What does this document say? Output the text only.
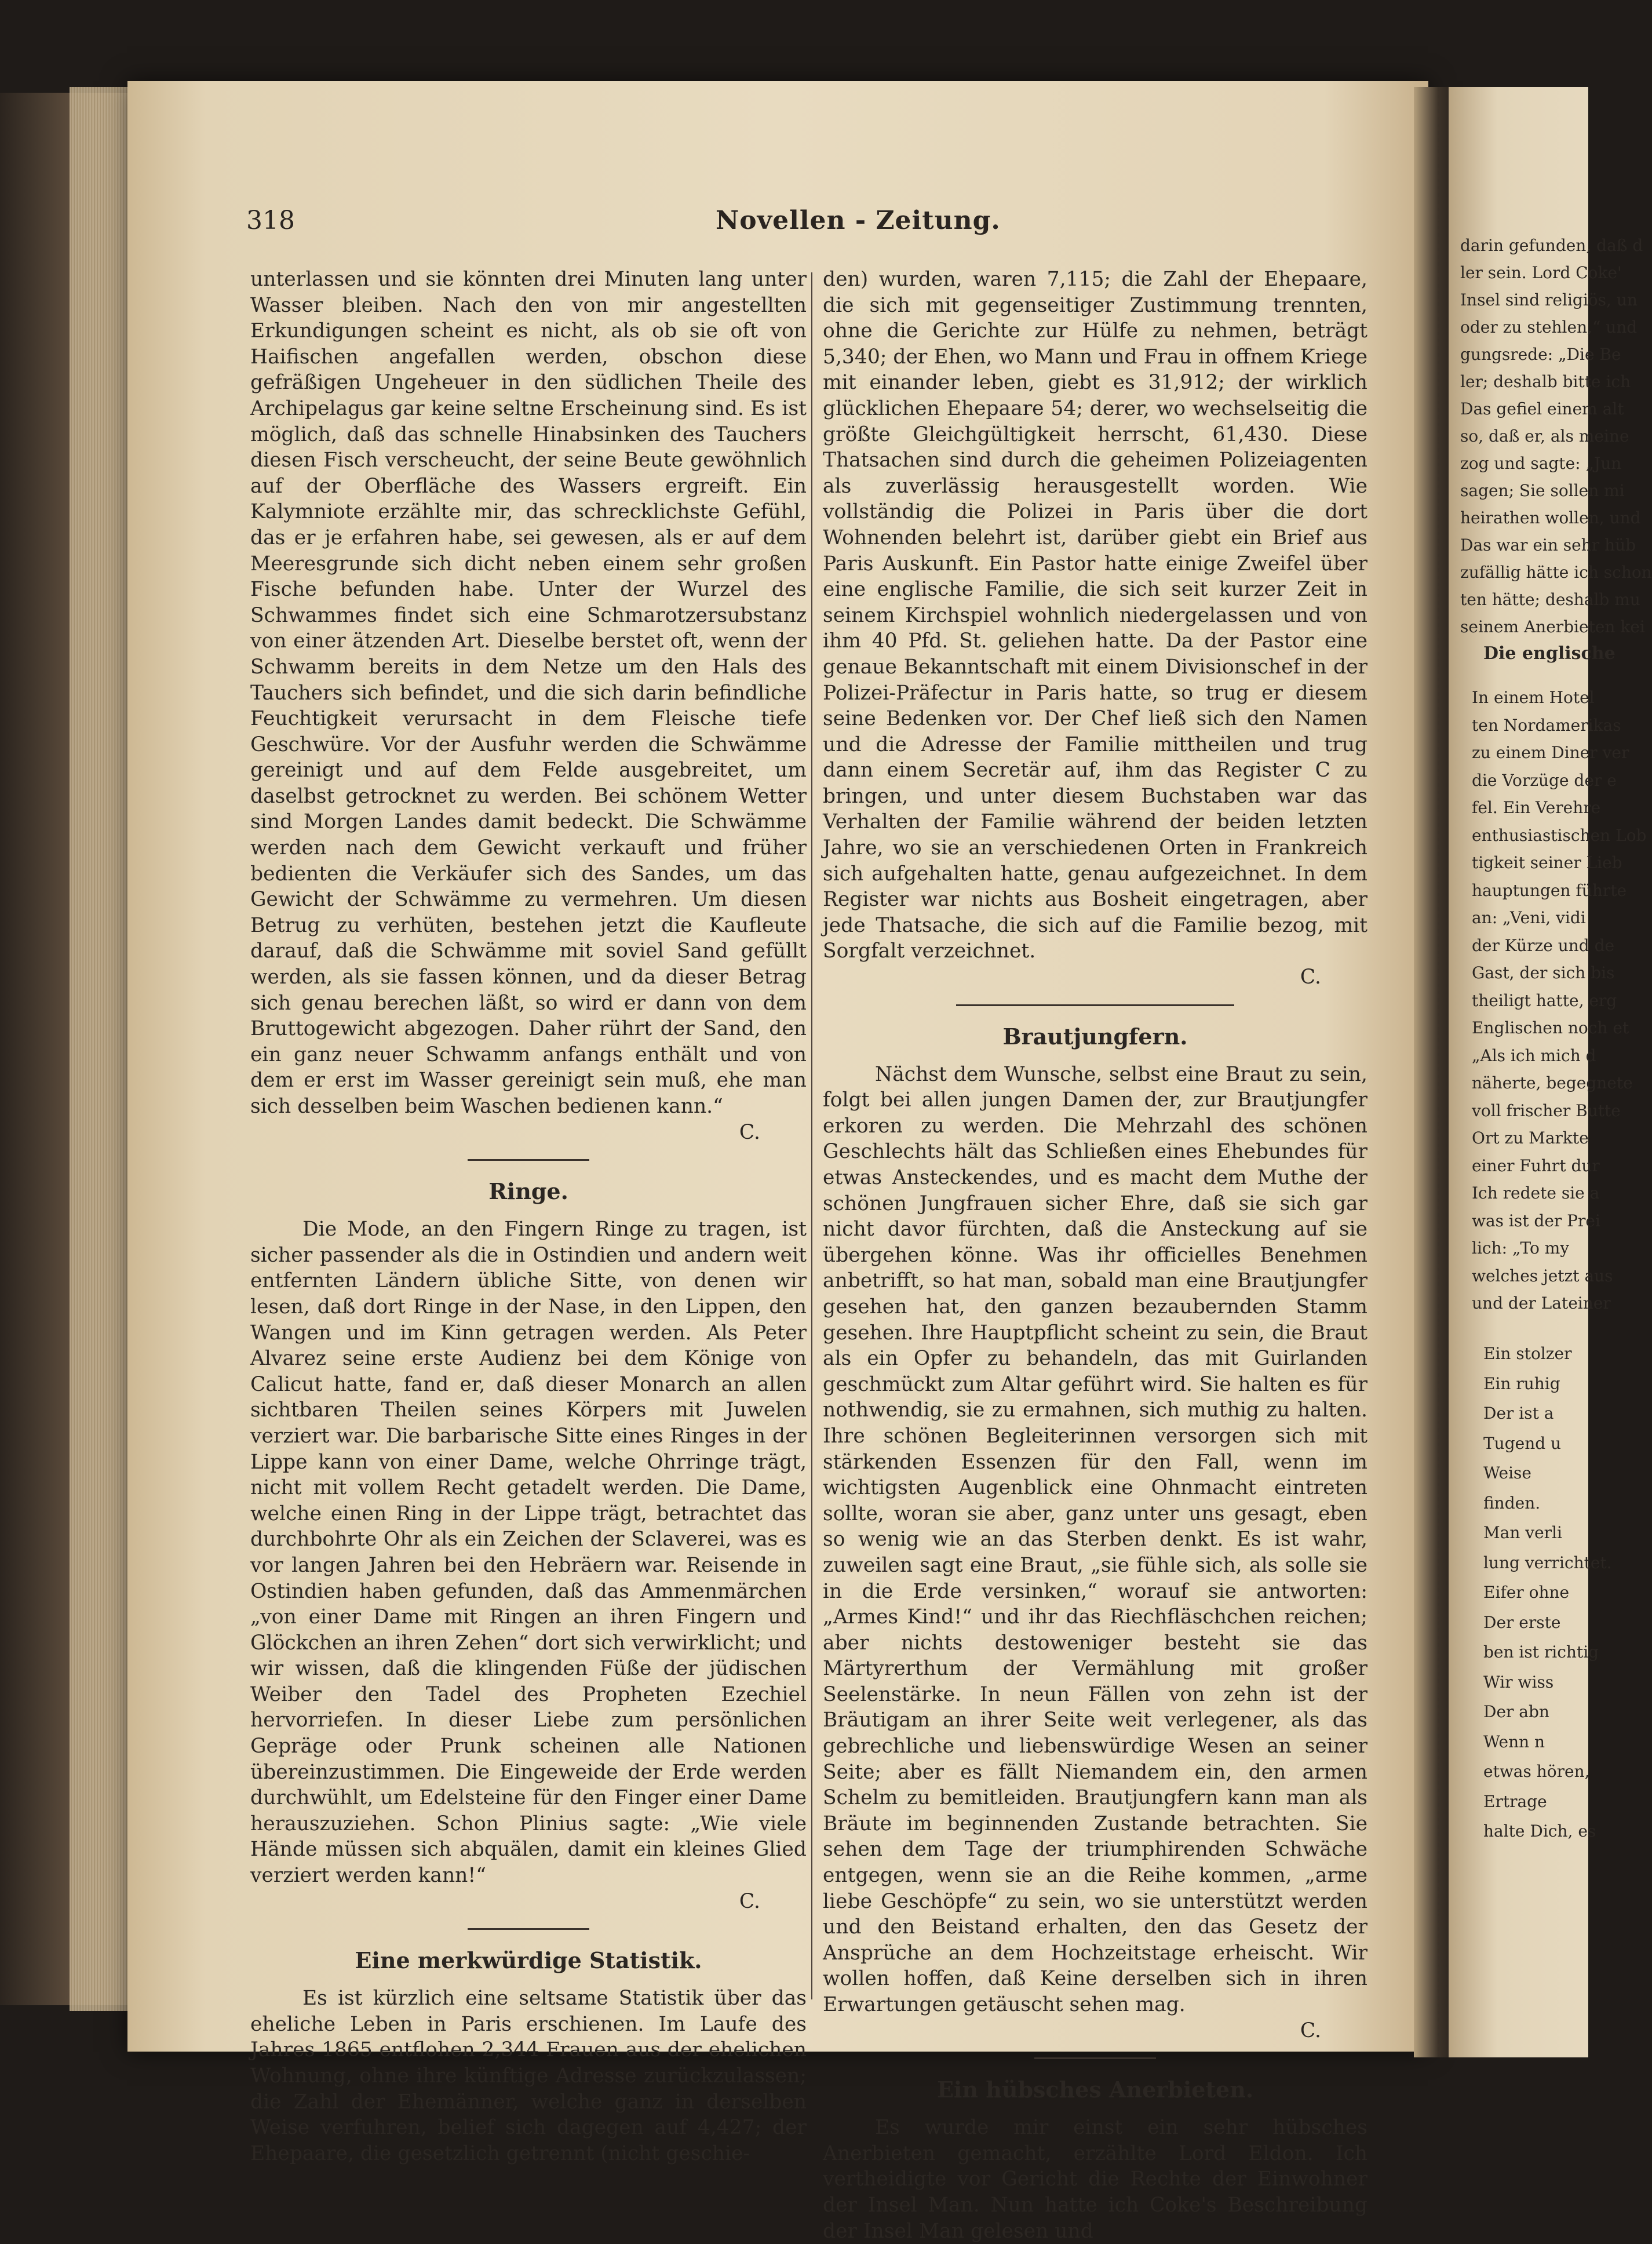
darin gefunden, daß d
ler sein. Lord Coke'
Insel sind religiös, un
oder zu stehlen,“ und
gungsrede: „Die Be
ler; deshalb bitte ich
Das gefiel einem alt
so, daß er, als meine
zog und sagte: „Jun
sagen; Sie sollen mi
heirathen wollen, und
Das war ein sehr hüb
zufällig hätte ich schon
ten hätte; deshalb mu
seinem Anerbieten kei
Die englische
In einem Hotel
ten Nordamerikas
zu einem Diner ver
die Vorzüge der e
fel. Ein Verehre
enthusiastischen Lob
tigkeit seiner Lieb
hauptungen führte
an: „Veni, vidi
der Kürze und de
Gast, der sich bis
theiligt hatte, erg
Englischen noch et
„Als ich mich d
näherte, begegnete
voll frischer Butte
Ort zu Markte
einer Fuhrt dur
Ich redete sie a
was ist der Prei
lich: „To my
welches jetzt aus
und der Lateiner
Ein stolzer
Ein ruhig
Der ist a
Tugend u
Weise
finden.
Man verli
lung verrichtet.
Eifer ohne
Der erste
ben ist richtig
Wir wiss
Der abn
Wenn n
etwas hören,
Ertrage
halte Dich, es
318	Novellen - Zeitung.

unterlassen und sie könnten drei Minuten lang unter Wasser bleiben. Nach den von mir angestellten Erkundigungen scheint es nicht, als ob sie oft von Haifischen angefallen werden, obschon diese gefräßigen Ungeheuer in den südlichen Theile des Archipelagus gar keine seltne Erscheinung sind. Es ist möglich, daß das schnelle Hinabsinken des Tauchers diesen Fisch verscheucht, der seine Beute gewöhnlich auf der Oberfläche des Wassers ergreift. Ein Kalymniote erzählte mir, das schrecklichste Gefühl, das er je erfahren habe, sei gewesen, als er auf dem Meeresgrunde sich dicht neben einem sehr großen Fische befunden habe. Unter der Wurzel des Schwammes findet sich eine Schmarotzersubstanz von einer ätzenden Art. Dieselbe berstet oft, wenn der Schwamm bereits in dem Netze um den Hals des Tauchers sich befindet, und die sich darin befindliche Feuchtigkeit verursacht in dem Fleische tiefe Geschwüre. Vor der Ausfuhr werden die Schwämme gereinigt und auf dem Felde ausgebreitet, um daselbst getrocknet zu werden. Bei schönem Wetter sind Morgen Landes damit bedeckt. Die Schwämme werden nach dem Gewicht verkauft und früher bedienten die Verkäufer sich des Sandes, um das Gewicht der Schwämme zu vermehren. Um diesen Betrug zu verhüten, bestehen jetzt die Kaufleute darauf, daß die Schwämme mit soviel Sand gefüllt werden, als sie fassen können, und da dieser Betrag sich genau berechen läßt, so wird er dann von dem Bruttogewicht abgezogen. Daher rührt der Sand, den ein ganz neuer Schwamm anfangs enthält und von dem er erst im Wasser gereinigt sein muß, ehe man sich desselben beim Waschen bedienen kann.“

C.
Ringe.

Die Mode, an den Fingern Ringe zu tragen, ist sicher passender als die in Ostindien und andern weit entfernten Ländern übliche Sitte, von denen wir lesen, daß dort Ringe in der Nase, in den Lippen, den Wangen und im Kinn getragen werden. Als Peter Alvarez seine erste Audienz bei dem Könige von Calicut hatte, fand er, daß dieser Monarch an allen sichtbaren Theilen seines Körpers mit Juwelen verziert war. Die barbarische Sitte eines Ringes in der Lippe kann von einer Dame, welche Ohrringe trägt, nicht mit vollem Recht getadelt werden. Die Dame, welche einen Ring in der Lippe trägt, betrachtet das durchbohrte Ohr als ein Zeichen der Sclaverei, was es vor langen Jahren bei den Hebräern war. Reisende in Ostindien haben gefunden, daß das Ammenmärchen „von einer Dame mit Ringen an ihren Fingern und Glöckchen an ihren Zehen“ dort sich verwirklicht; und wir wissen, daß die klingenden Füße der jüdischen Weiber den Tadel des Propheten Ezechiel hervorriefen. In dieser Liebe zum persönlichen Gepräge oder Prunk scheinen alle Nationen übereinzustimmen. Die Eingeweide der Erde werden durchwühlt, um Edelsteine für den Finger einer Dame herauszuziehen. Schon Plinius sagte: „Wie viele Hände müssen sich abquälen, damit ein kleines Glied verziert werden kann!“

C.
Eine merkwürdige Statistik.

Es ist kürzlich eine seltsame Statistik über das eheliche Leben in Paris erschienen. Im Laufe des Jahres 1865 entflohen 2,344 Frauen aus der ehelichen Wohnung, ohne ihre künftige Adresse zurückzulassen; die Zahl der Ehemänner, welche ganz in derselben Weise verfuhren, belief sich dagegen auf 4,427; der Ehepaare, die gesetzlich getrennt (nicht geschie-

den) wurden, waren 7,115; die Zahl der Ehepaare, die sich mit gegenseitiger Zustimmung trennten, ohne die Gerichte zur Hülfe zu nehmen, beträgt 5,340; der Ehen, wo Mann und Frau in offnem Kriege mit einander leben, giebt es 31,912; der wirklich glücklichen Ehepaare 54; derer, wo wechselseitig die größte Gleichgültigkeit herrscht, 61,430. Diese Thatsachen sind durch die geheimen Polizeiagenten als zuverlässig herausgestellt worden. Wie vollständig die Polizei in Paris über die dort Wohnenden belehrt ist, darüber giebt ein Brief aus Paris Auskunft. Ein Pastor hatte einige Zweifel über eine englische Familie, die sich seit kurzer Zeit in seinem Kirchspiel wohnlich niedergelassen und von ihm 40 Pfd. St. geliehen hatte. Da der Pastor eine genaue Bekanntschaft mit einem Divisionschef in der Polizei-Präfectur in Paris hatte, so trug er diesem seine Bedenken vor. Der Chef ließ sich den Namen und die Adresse der Familie mittheilen und trug dann einem Secretär auf, ihm das Register C zu bringen, und unter diesem Buchstaben war das Verhalten der Familie während der beiden letzten Jahre, wo sie an verschiedenen Orten in Frankreich sich aufgehalten hatte, genau aufgezeichnet. In dem Register war nichts aus Bosheit eingetragen, aber jede Thatsache, die sich auf die Familie bezog, mit Sorgfalt verzeichnet.

C.
Brautjungfern.

Nächst dem Wunsche, selbst eine Braut zu sein, folgt bei allen jungen Damen der, zur Brautjungfer erkoren zu werden. Die Mehrzahl des schönen Geschlechts hält das Schließen eines Ehebundes für etwas Ansteckendes, und es macht dem Muthe der schönen Jungfrauen sicher Ehre, daß sie sich gar nicht davor fürchten, daß die Ansteckung auf sie übergehen könne. Was ihr officielles Benehmen anbetrifft, so hat man, sobald man eine Brautjungfer gesehen hat, den ganzen bezaubernden Stamm gesehen. Ihre Hauptpflicht scheint zu sein, die Braut als ein Opfer zu behandeln, das mit Guirlanden geschmückt zum Altar geführt wird. Sie halten es für nothwendig, sie zu ermahnen, sich muthig zu halten. Ihre schönen Begleiterinnen versorgen sich mit stärkenden Essenzen für den Fall, wenn im wichtigsten Augenblick eine Ohnmacht eintreten sollte, woran sie aber, ganz unter uns gesagt, eben so wenig wie an das Sterben denkt. Es ist wahr, zuweilen sagt eine Braut, „sie fühle sich, als solle sie in die Erde versinken,“ worauf sie antworten: „Armes Kind!“ und ihr das Riechfläschchen reichen; aber nichts destoweniger besteht sie das Märtyrerthum der Vermählung mit großer Seelenstärke. In neun Fällen von zehn ist der Bräutigam an ihrer Seite weit verlegener, als das gebrechliche und liebenswürdige Wesen an seiner Seite; aber es fällt Niemandem ein, den armen Schelm zu bemitleiden. Brautjungfern kann man als Bräute im beginnenden Zustande betrachten. Sie sehen dem Tage der triumphirenden Schwäche entgegen, wenn sie an die Reihe kommen, „arme liebe Geschöpfe“ zu sein, wo sie unterstützt werden und den Beistand erhalten, den das Gesetz der Ansprüche an dem Hochzeitstage erheischt. Wir wollen hoffen, daß Keine derselben sich in ihren Erwartungen getäuscht sehen mag.

C.
Ein hübsches Anerbieten.

Es wurde mir einst ein sehr hübsches Anerbieten gemacht, erzählte Lord Eldon. Ich vertheidigte vor Gericht die Rechte der Einwohner der Insel Man. Nun hatte ich Coke's Beschreibung der Insel Man gelesen und
